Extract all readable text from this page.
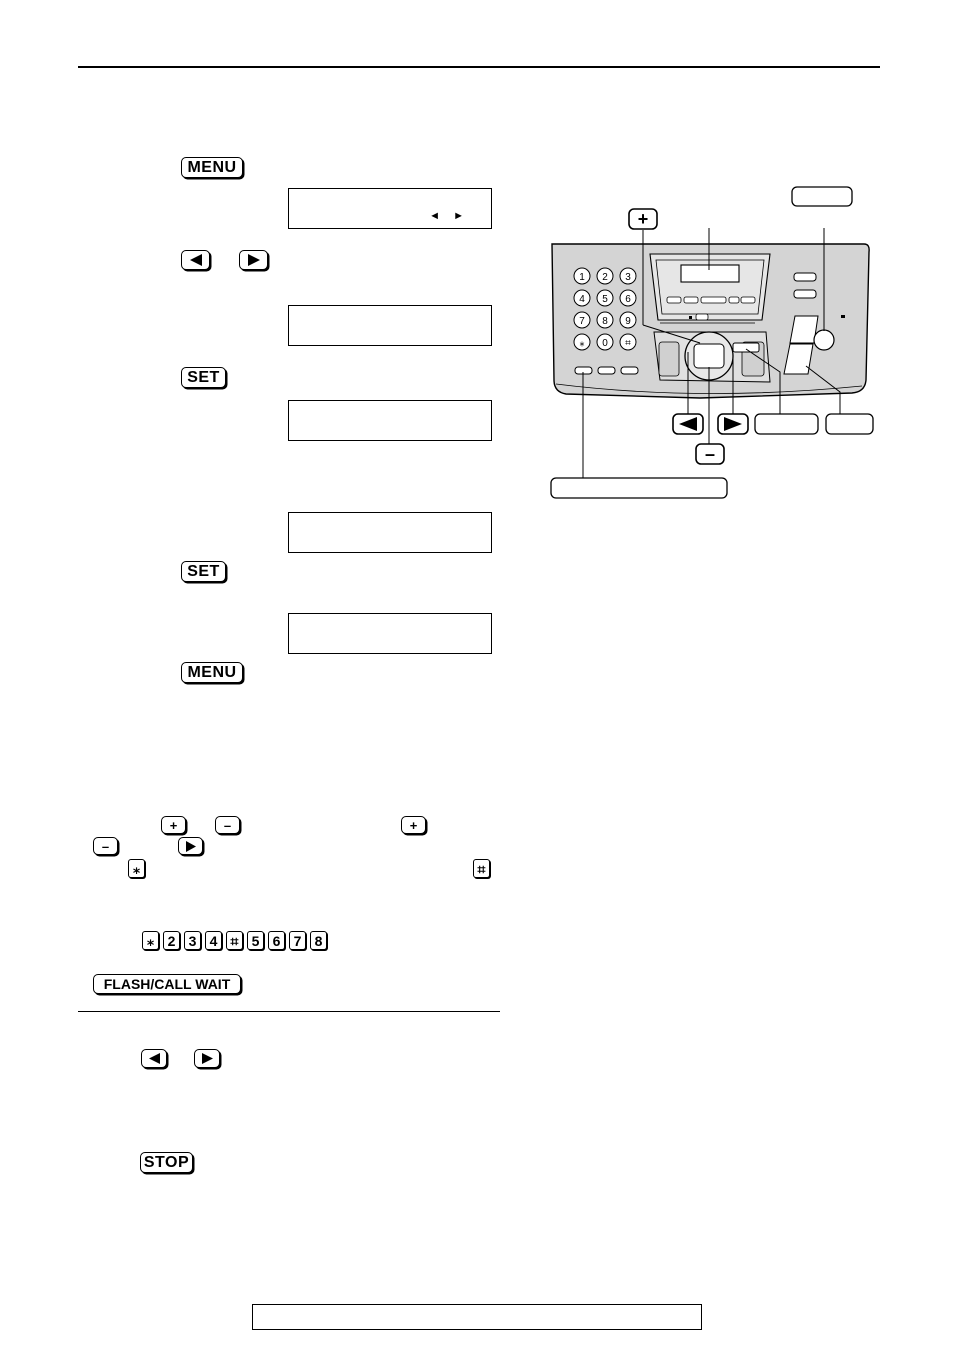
MENU
◄ ►
SET
SET
MENU
+	–	+
–
⁎	⌗
⁎ 2 3 4 ⌗ 5 6 7 8
FLASH/CALL WAIT
STOP
1 2 3
4 5 6
7 8 9
⁎ 0 ⌗
+
–
